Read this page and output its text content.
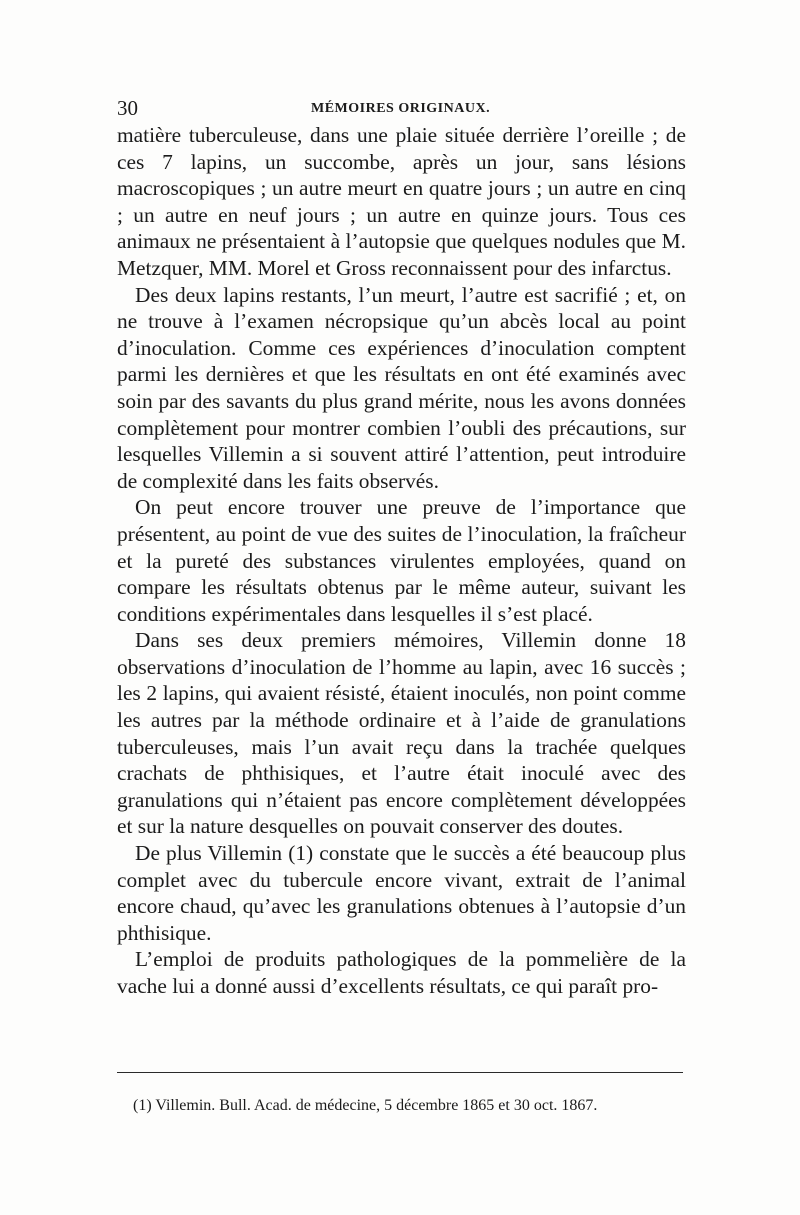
30	MÉMOIRES ORIGINAUX.

matière tuberculeuse, dans une plaie située derrière l’oreille ; de ces 7 lapins, un succombe, après un jour, sans lésions macroscopiques ; un autre meurt en quatre jours ; un autre en cinq ; un autre en neuf jours ; un autre en quinze jours. Tous ces animaux ne présentaient à l’autopsie que quelques nodules que M. Metzquer, MM. Morel et Gross reconnaissent pour des infarctus.

Des deux lapins restants, l’un meurt, l’autre est sacrifié ; et, on ne trouve à l’examen nécropsique qu’un abcès local au point d’inoculation. Comme ces expériences d’inoculation comptent parmi les dernières et que les résultats en ont été examinés avec soin par des savants du plus grand mérite, nous les avons données complètement pour montrer combien l’oubli des précautions, sur lesquelles Villemin a si souvent attiré l’attention, peut introduire de complexité dans les faits observés.

On peut encore trouver une preuve de l’importance que présentent, au point de vue des suites de l’inoculation, la fraîcheur et la pureté des substances virulentes employées, quand on compare les résultats obtenus par le même auteur, suivant les conditions expérimentales dans lesquelles il s’est placé.

Dans ses deux premiers mémoires, Villemin donne 18 observations d’inoculation de l’homme au lapin, avec 16 succès ; les 2 lapins, qui avaient résisté, étaient inoculés, non point comme les autres par la méthode ordinaire et à l’aide de granulations tuberculeuses, mais l’un avait reçu dans la trachée quelques crachats de phthisiques, et l’autre était inoculé avec des granulations qui n’étaient pas encore complètement développées et sur la nature desquelles on pouvait conserver des doutes.

De plus Villemin (1) constate que le succès a été beaucoup plus complet avec du tubercule encore vivant, extrait de l’animal encore chaud, qu’avec les granulations obtenues à l’autopsie d’un phthisique.

L’emploi de produits pathologiques de la pommelière de la vache lui a donné aussi d’excellents résultats, ce qui paraît pro-

(1) Villemin. Bull. Acad. de médecine, 5 décembre 1865 et 30 oct. 1867.
